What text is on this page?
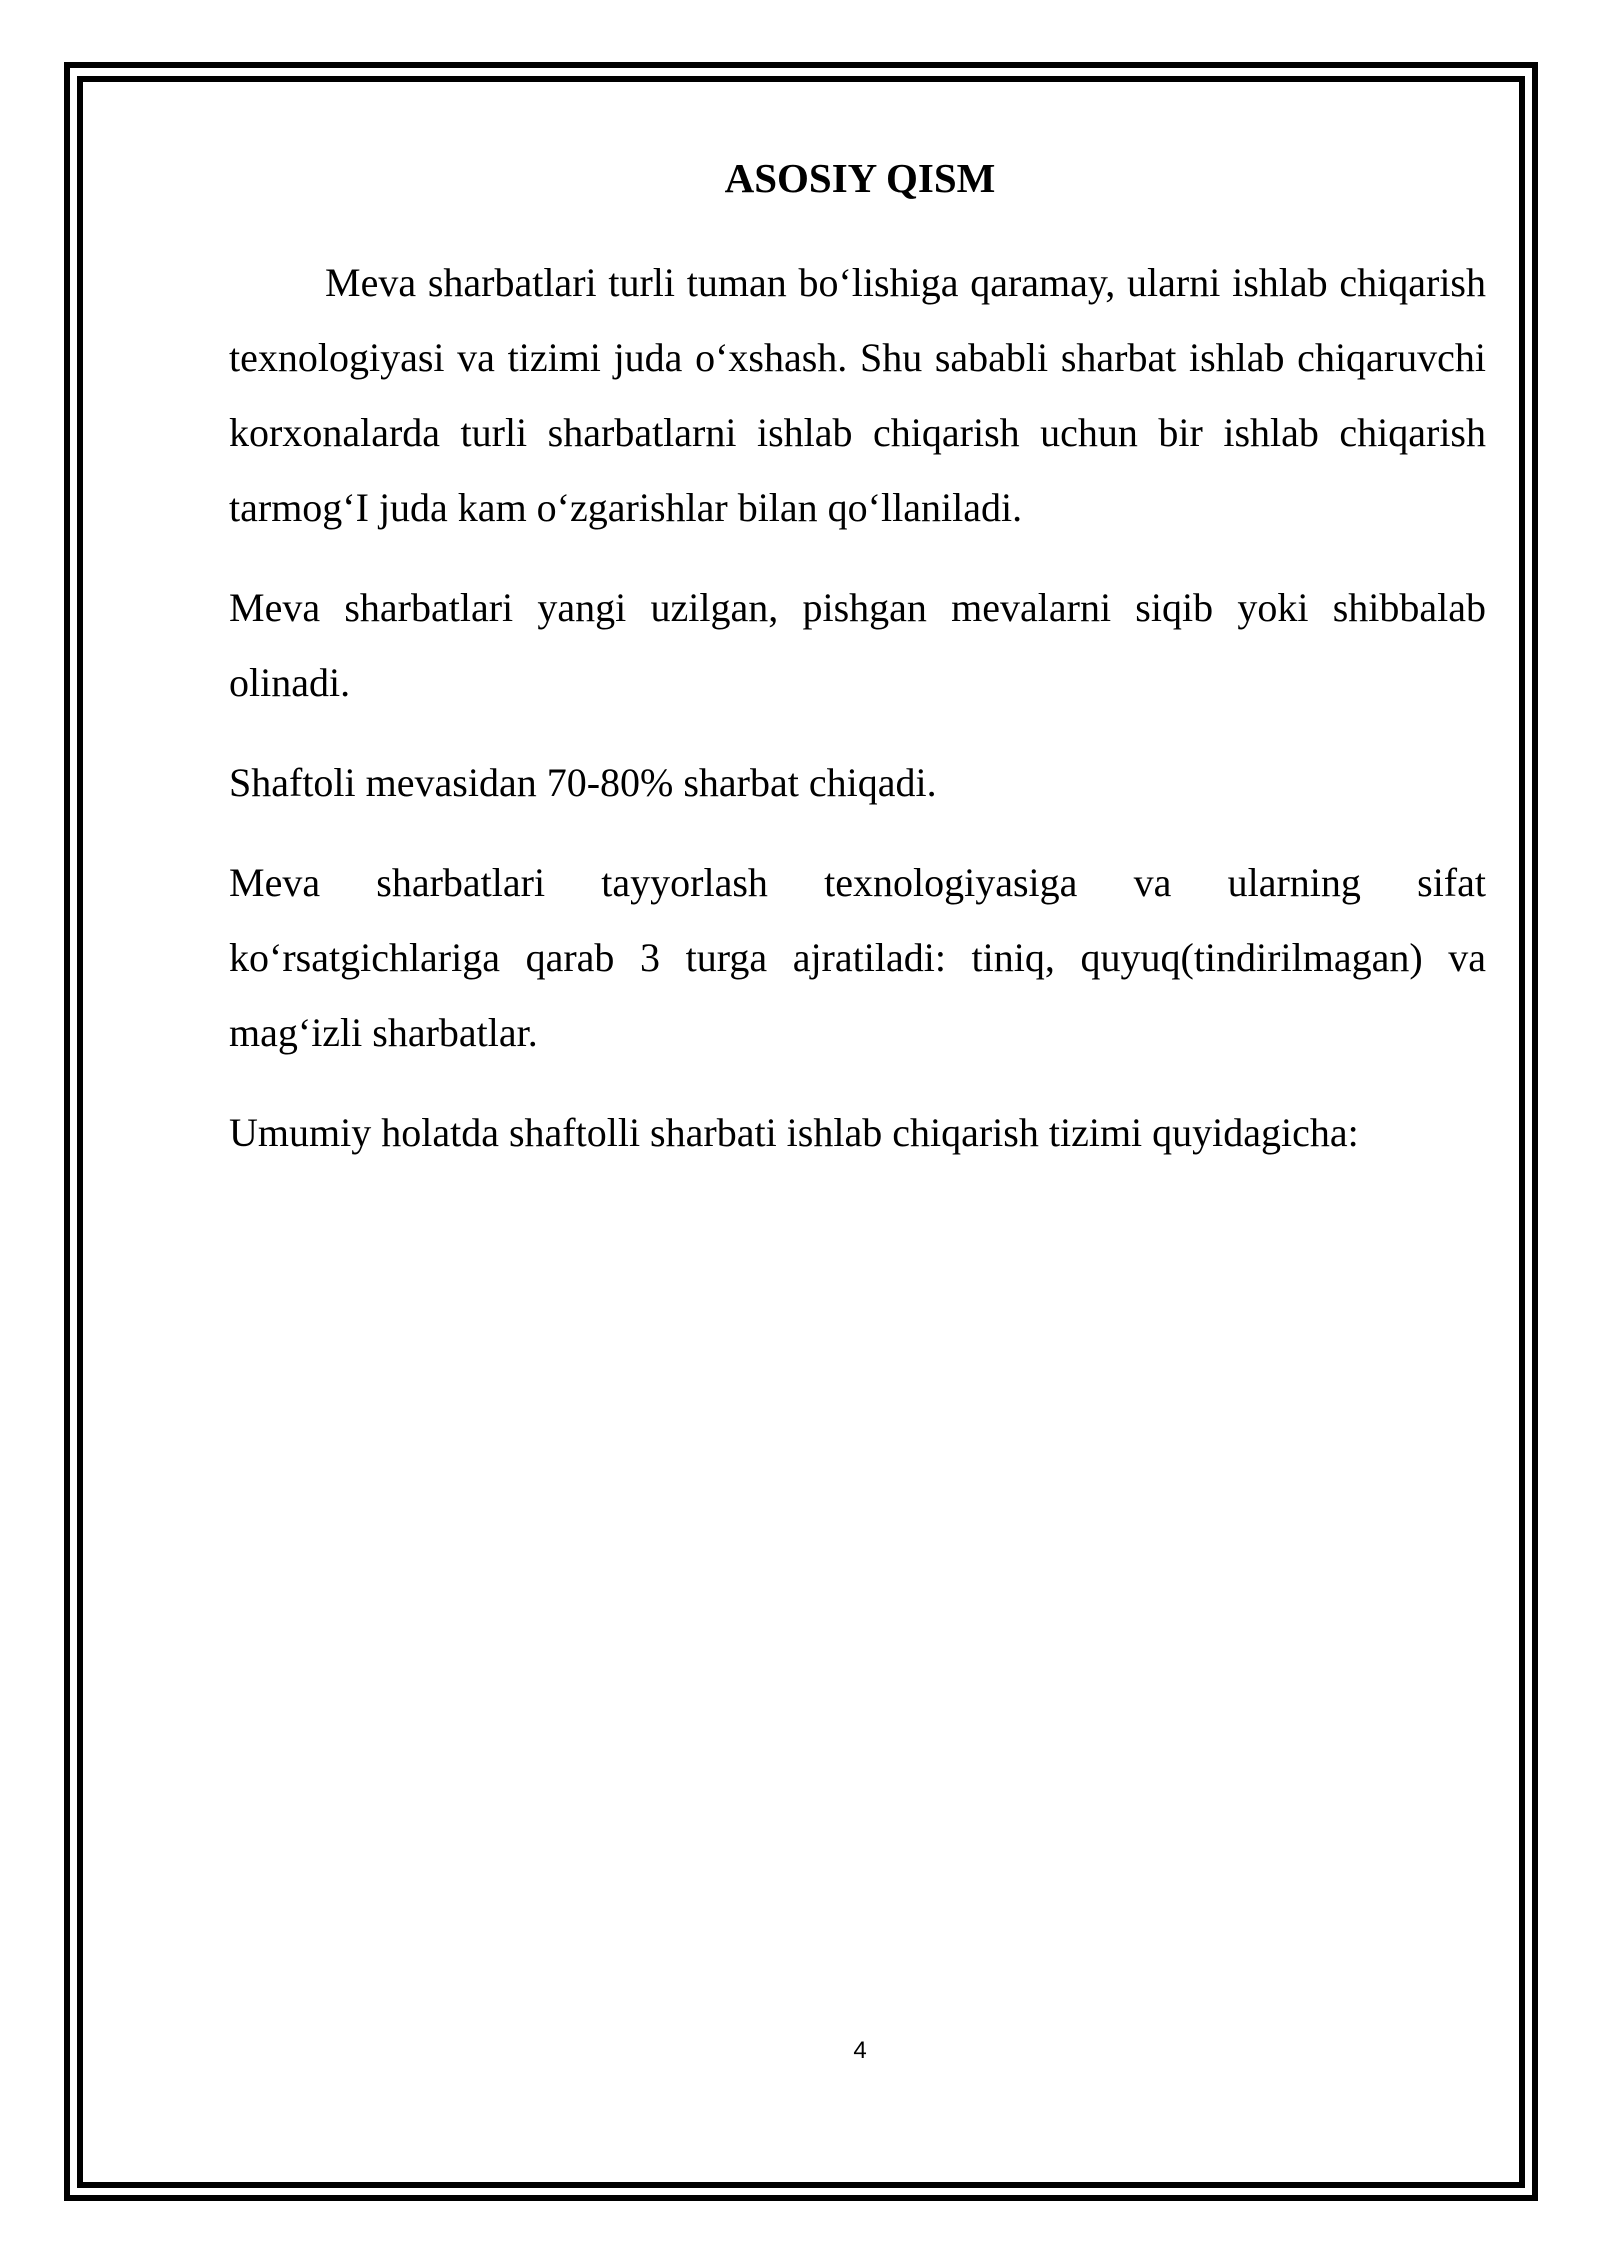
ASOSIY QISM

Meva sharbatlari turli tuman bo‘lishiga qaramay, ularni ishlab chiqarish texnologiyasi va tizimi juda o‘xshash. Shu sababli sharbat ishlab chiqaruvchi korxonalarda turli sharbatlarni ishlab chiqarish uchun bir ishlab chiqarish tarmog‘I juda kam o‘zgarishlar bilan qo‘llaniladi.

Meva sharbatlari yangi uzilgan, pishgan mevalarni siqib yoki shibbalab olinadi.

Shaftoli mevasidan 70-80% sharbat chiqadi.

Meva sharbatlari tayyorlash texnologiyasiga va ularning sifat ko‘rsatgichlariga qarab 3 turga ajratiladi: tiniq, quyuq(tindirilmagan) va mag‘izli sharbatlar.

Umumiy holatda shaftolli sharbati ishlab chiqarish tizimi quyidagicha:

4
